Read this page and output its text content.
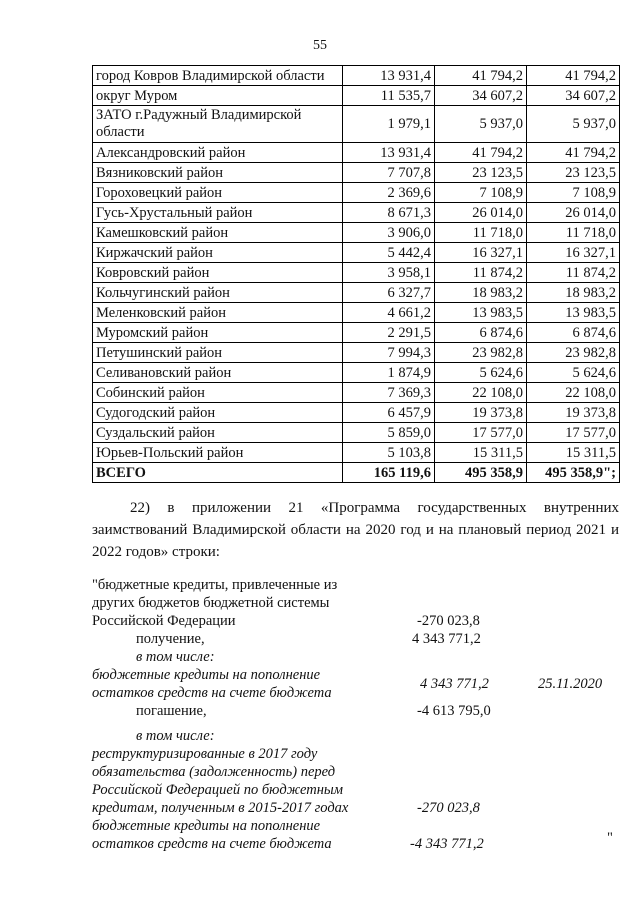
55
город Ковров Владимирской области	13 931,4	41 794,2	41 794,2
округ Муром	11 535,7	34 607,2	34 607,2
ЗАТО г.Радужный Владимирской области	1 979,1	5 937,0	5 937,0
Александровский район	13 931,4	41 794,2	41 794,2
Вязниковский район	7 707,8	23 123,5	23 123,5
Гороховецкий район	2 369,6	7 108,9	7 108,9
Гусь-Хрустальный район	8 671,3	26 014,0	26 014,0
Камешковский район	3 906,0	11 718,0	11 718,0
Киржачский район	5 442,4	16 327,1	16 327,1
Ковровский район	3 958,1	11 874,2	11 874,2
Кольчугинский район	6 327,7	18 983,2	18 983,2
Меленковский район	4 661,2	13 983,5	13 983,5
Муромский район	2 291,5	6 874,6	6 874,6
Петушинский район	7 994,3	23 982,8	23 982,8
Селивановский район	1 874,9	5 624,6	5 624,6
Собинский район	7 369,3	22 108,0	22 108,0
Судогодский район	6 457,9	19 373,8	19 373,8
Суздальский район	5 859,0	17 577,0	17 577,0
Юрьев-Польский район	5 103,8	15 311,5	15 311,5
ВСЕГО	165 119,6	495 358,9	495 358,9";
22) в приложении 21 «Программа государственных внутренних заимствований Владимирской области на 2020 год и на плановый период 2021 и 2022 годов» строки:
"бюджетные кредиты, привлеченные из
других бюджетов бюджетной системы
Российской Федерации	-270 023,8
получение,	4 343 771,2
в том числе:
бюджетные кредиты на пополнение
остатков средств на счете бюджета
4 343 771,2	25.11.2020
погашение,	-4 613 795,0
в том числе:
реструктуризированные в 2017 году
обязательства (задолженность) перед
Российской Федерацией по бюджетным
кредитам, полученным в 2015-2017 годах	-270 023,8
бюджетные кредиты на пополнение
остатков средств на счете бюджета	-4 343 771,2	"
